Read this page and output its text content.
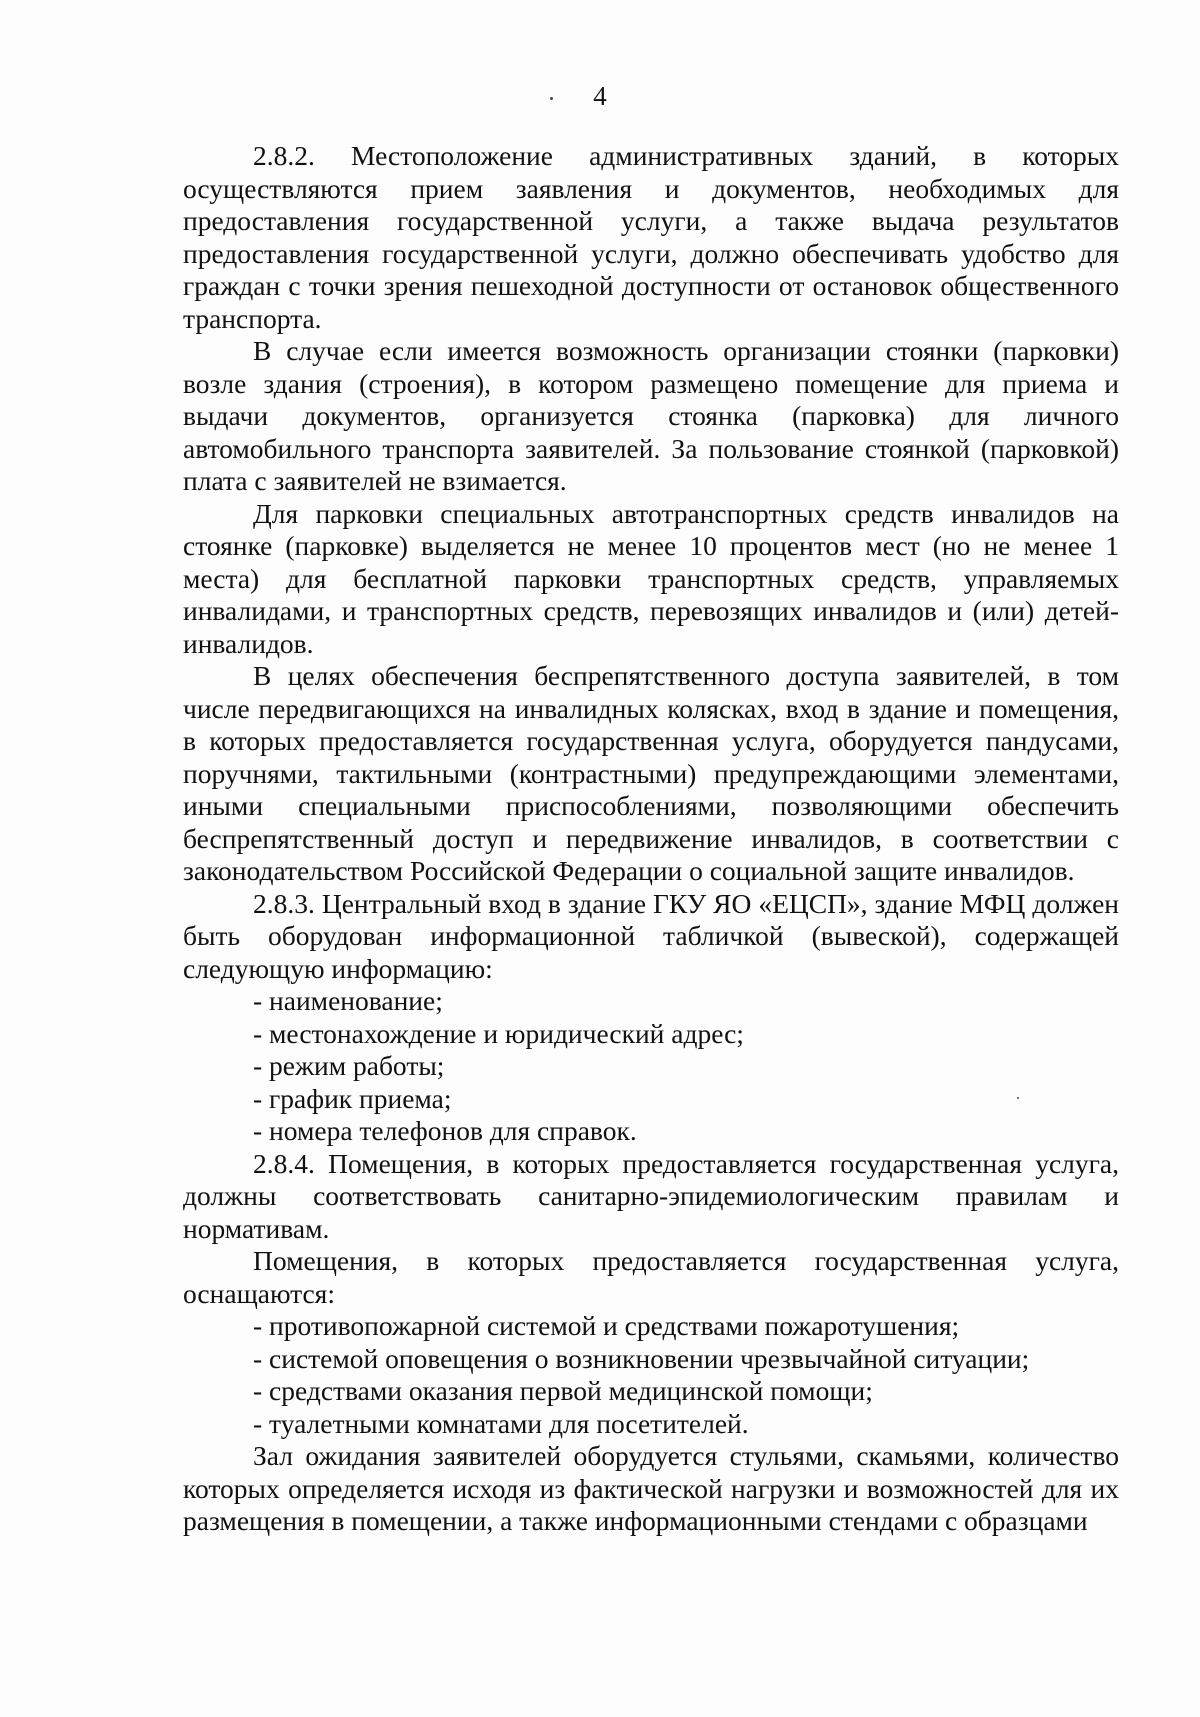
4

2.8.2. Местоположение административных зданий, в которых осуществляются прием заявления и документов, необходимых для предоставления государственной услуги, а также выдача результатов предоставления государственной услуги, должно обеспечивать удобство для граждан с точки зрения пешеходной доступности от остановок общественного транспорта.

В случае если имеется возможность организации стоянки (парковки) возле здания (строения), в котором размещено помещение для приема и выдачи документов, организуется стоянка (парковка) для личного автомобильного транспорта заявителей. За пользование стоянкой (парковкой) плата с заявителей не взимается.

Для парковки специальных автотранспортных средств инвалидов на стоянке (парковке) выделяется не менее 10 процентов мест (но не менее 1 места) для бесплатной парковки транспортных средств, управляемых инвалидами, и транспортных средств, перевозящих инвалидов и (или) детей-инвалидов.

В целях обеспечения беспрепятственного доступа заявителей, в том числе передвигающихся на инвалидных колясках, вход в здание и помещения, в которых предоставляется государственная услуга, оборудуется пандусами, поручнями, тактильными (контрастными) предупреждающими элементами, иными специальными приспособлениями, позволяющими обеспечить беспрепятственный доступ и передвижение инвалидов, в соответствии с законодательством Российской Федерации о социальной защите инвалидов.

2.8.3. Центральный вход в здание ГКУ ЯО «ЕЦСП», здание МФЦ должен быть оборудован информационной табличкой (вывеской), содержащей следующую информацию:

- наименование;

- местонахождение и юридический адрес;

- режим работы;

- график приема;

- номера телефонов для справок.

2.8.4. Помещения, в которых предоставляется государственная услуга, должны соответствовать санитарно-эпидемиологическим правилам и нормативам.

Помещения, в которых предоставляется государственная услуга, оснащаются:

- противопожарной системой и средствами пожаротушения;

- системой оповещения о возникновении чрезвычайной ситуации;

- средствами оказания первой медицинской помощи;

- туалетными комнатами для посетителей.

Зал ожидания заявителей оборудуется стульями, скамьями, количество которых определяется исходя из фактической нагрузки и возможностей для их размещения в помещении, а также информационными стендами с образцами
